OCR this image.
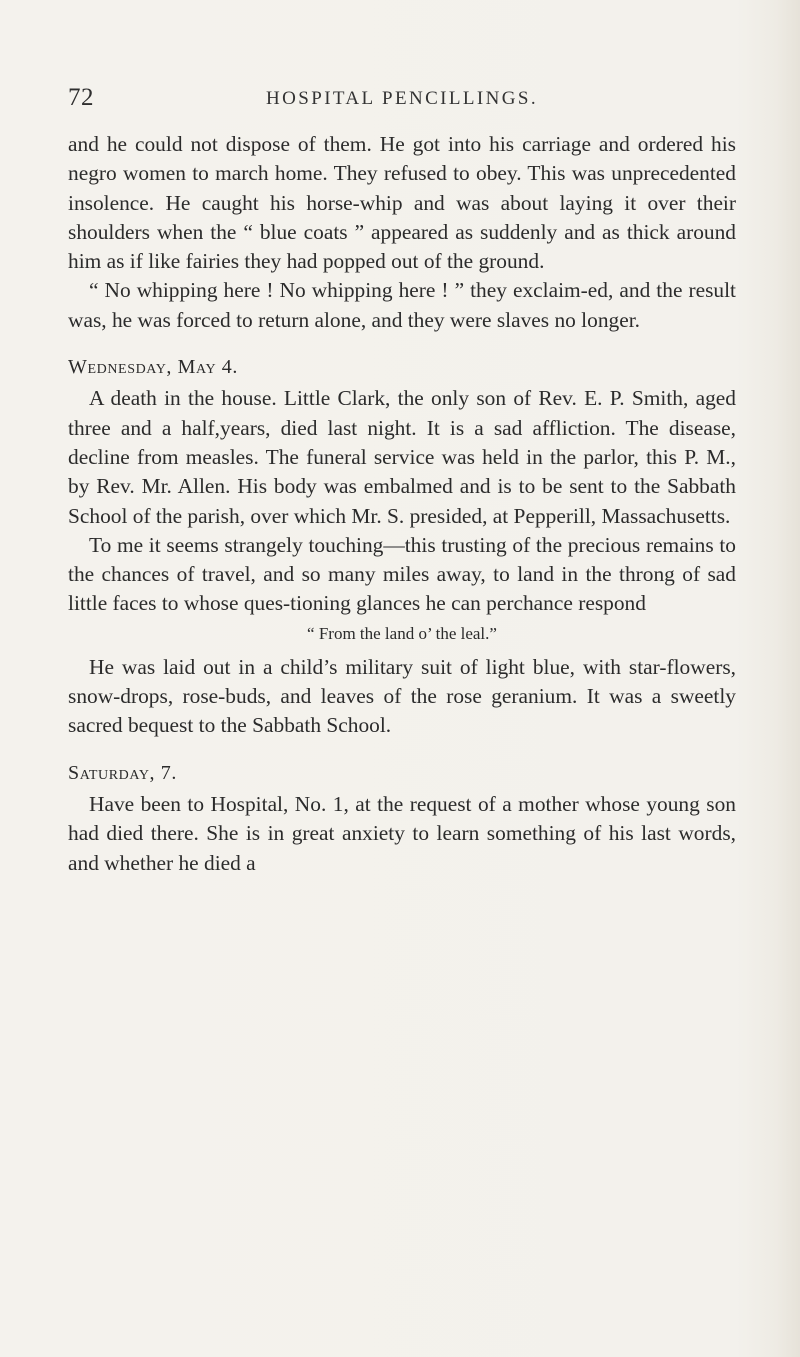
72	HOSPITAL PENCILLINGS.

and he could not dispose of them. He got into his carriage and ordered his negro women to march home. They refused to obey. This was unprecedented insolence. He caught his horse-whip and was about laying it over their shoulders when the “ blue coats ” appeared as suddenly and as thick around him as if like fairies they had popped out of the ground.

“ No whipping here ! No whipping here ! ” they exclaim-ed, and the result was, he was forced to return alone, and they were slaves no longer.

Wednesday, May 4.

A death in the house. Little Clark, the only son of Rev. E. P. Smith, aged three and a half,years, died last night. It is a sad affliction. The disease, decline from measles. The funeral service was held in the parlor, this P. M., by Rev. Mr. Allen. His body was embalmed and is to be sent to the Sabbath School of the parish, over which Mr. S. presided, at Pepperill, Massachusetts.

To me it seems strangely touching—this trusting of the precious remains to the chances of travel, and so many miles away, to land in the throng of sad little faces to whose ques-tioning glances he can perchance respond

“ From the land o’ the leal.”

He was laid out in a child’s military suit of light blue, with star-flowers, snow-drops, rose-buds, and leaves of the rose geranium. It was a sweetly sacred bequest to the Sabbath School.

Saturday, 7.

Have been to Hospital, No. 1, at the request of a mother whose young son had died there. She is in great anxiety to learn something of his last words, and whether he died a
